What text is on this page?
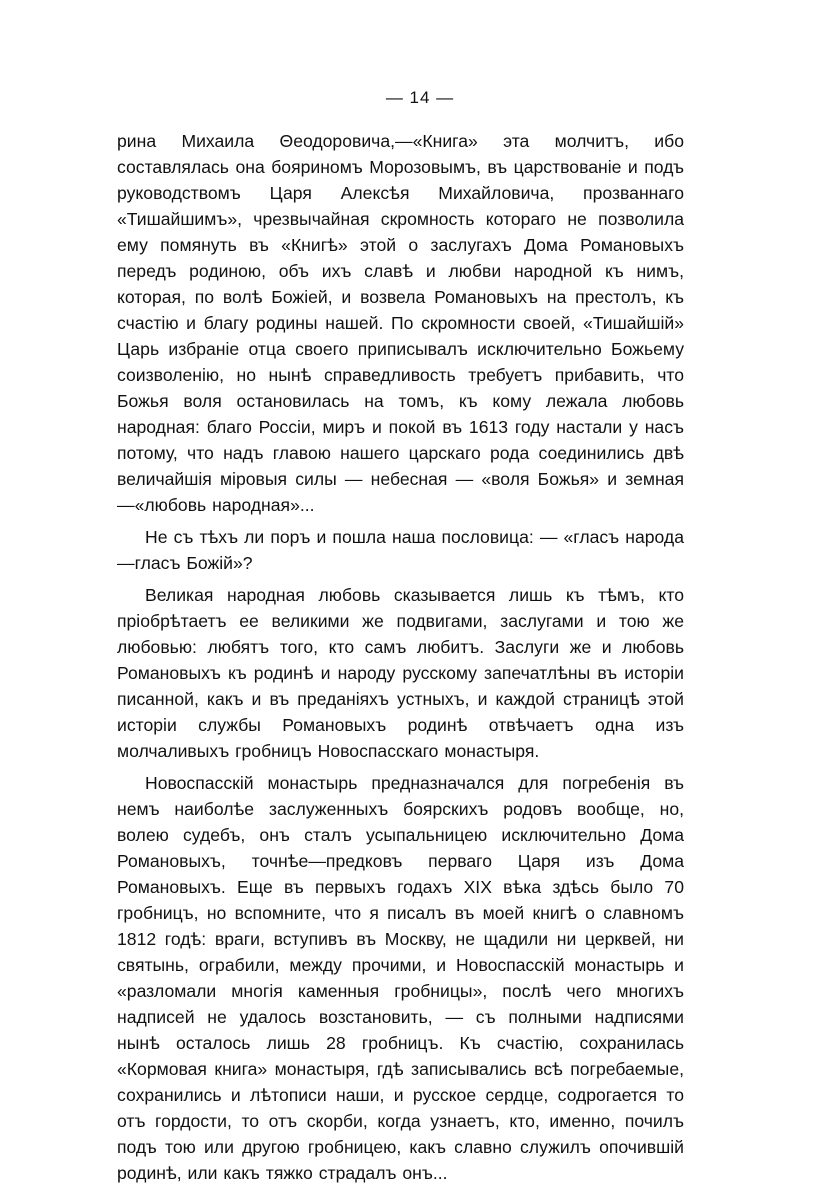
— 14 —

рина Михаила Θеодоровича,—«Книга» эта молчитъ, ибо составлялась она бояриномъ Морозовымъ, въ царствованіе и подъ руководствомъ Царя Алексѣя Михайловича, прозваннаго «Тишайшимъ», чрезвычайная скромность котораго не позволила ему помянуть въ «Книгѣ» этой о заслугахъ Дома Романовыхъ передъ родиною, объ ихъ славѣ и любви народной къ нимъ, которая, по волѣ Божіей, и возвела Романовыхъ на престолъ, къ счастію и благу родины нашей. По скромности своей, «Тишайшій» Царь избраніе отца своего приписывалъ исключительно Божьему соизволенію, но нынѣ справедливость требуетъ прибавить, что Божья воля остановилась на томъ, къ кому лежала любовь народная: благо Россіи, миръ и покой въ 1613 году настали у насъ потому, что надъ главою нашего царскаго рода соединились двѣ величайшія міровыя силы — небесная — «воля Божья» и земная—«любовь народная»...

Не съ тѣхъ ли поръ и пошла наша пословица: — «гласъ народа—гласъ Божій»?

Великая народная любовь сказывается лишь къ тѣмъ, кто пріобрѣтаетъ ее великими же подвигами, заслугами и тою же любовью: любятъ того, кто самъ любитъ. Заслуги же и любовь Романовыхъ къ родинѣ и народу русскому запечатлѣны въ исторіи писанной, какъ и въ преданіяхъ устныхъ, и каждой страницѣ этой исторіи службы Романовыхъ родинѣ отвѣчаетъ одна изъ молчаливыхъ гробницъ Новоспасскаго монастыря.

Новоспасскій монастырь предназначался для погребенія въ немъ наиболѣе заслуженныхъ боярскихъ родовъ вообще, но, волею судебъ, онъ сталъ усыпальницею исключительно Дома Романовыхъ, точнѣе—предковъ перваго Царя изъ Дома Романовыхъ. Еще въ первыхъ годахъ XIX вѣка здѣсь было 70 гробницъ, но вспомните, что я писалъ въ моей книгѣ о славномъ 1812 годѣ: враги, вступивъ въ Москву, не щадили ни церквей, ни святынь, ограбили, между прочими, и Новоспасскій монастырь и «разломали многія каменныя гробницы», послѣ чего многихъ надписей не удалось возстановить, — съ полными надписями нынѣ осталось лишь 28 гробницъ. Къ счастію, сохранилась «Кормовая книга» монастыря, гдѣ записывались всѣ погребаемые, сохранились и лѣтописи наши, и русское сердце, содрогается то отъ гордости, то отъ скорби, когда узнаетъ, кто, именно, почилъ подъ тою или другою гробницею, какъ славно служилъ опочившій родинѣ, или какъ тяжко страдалъ онъ...
